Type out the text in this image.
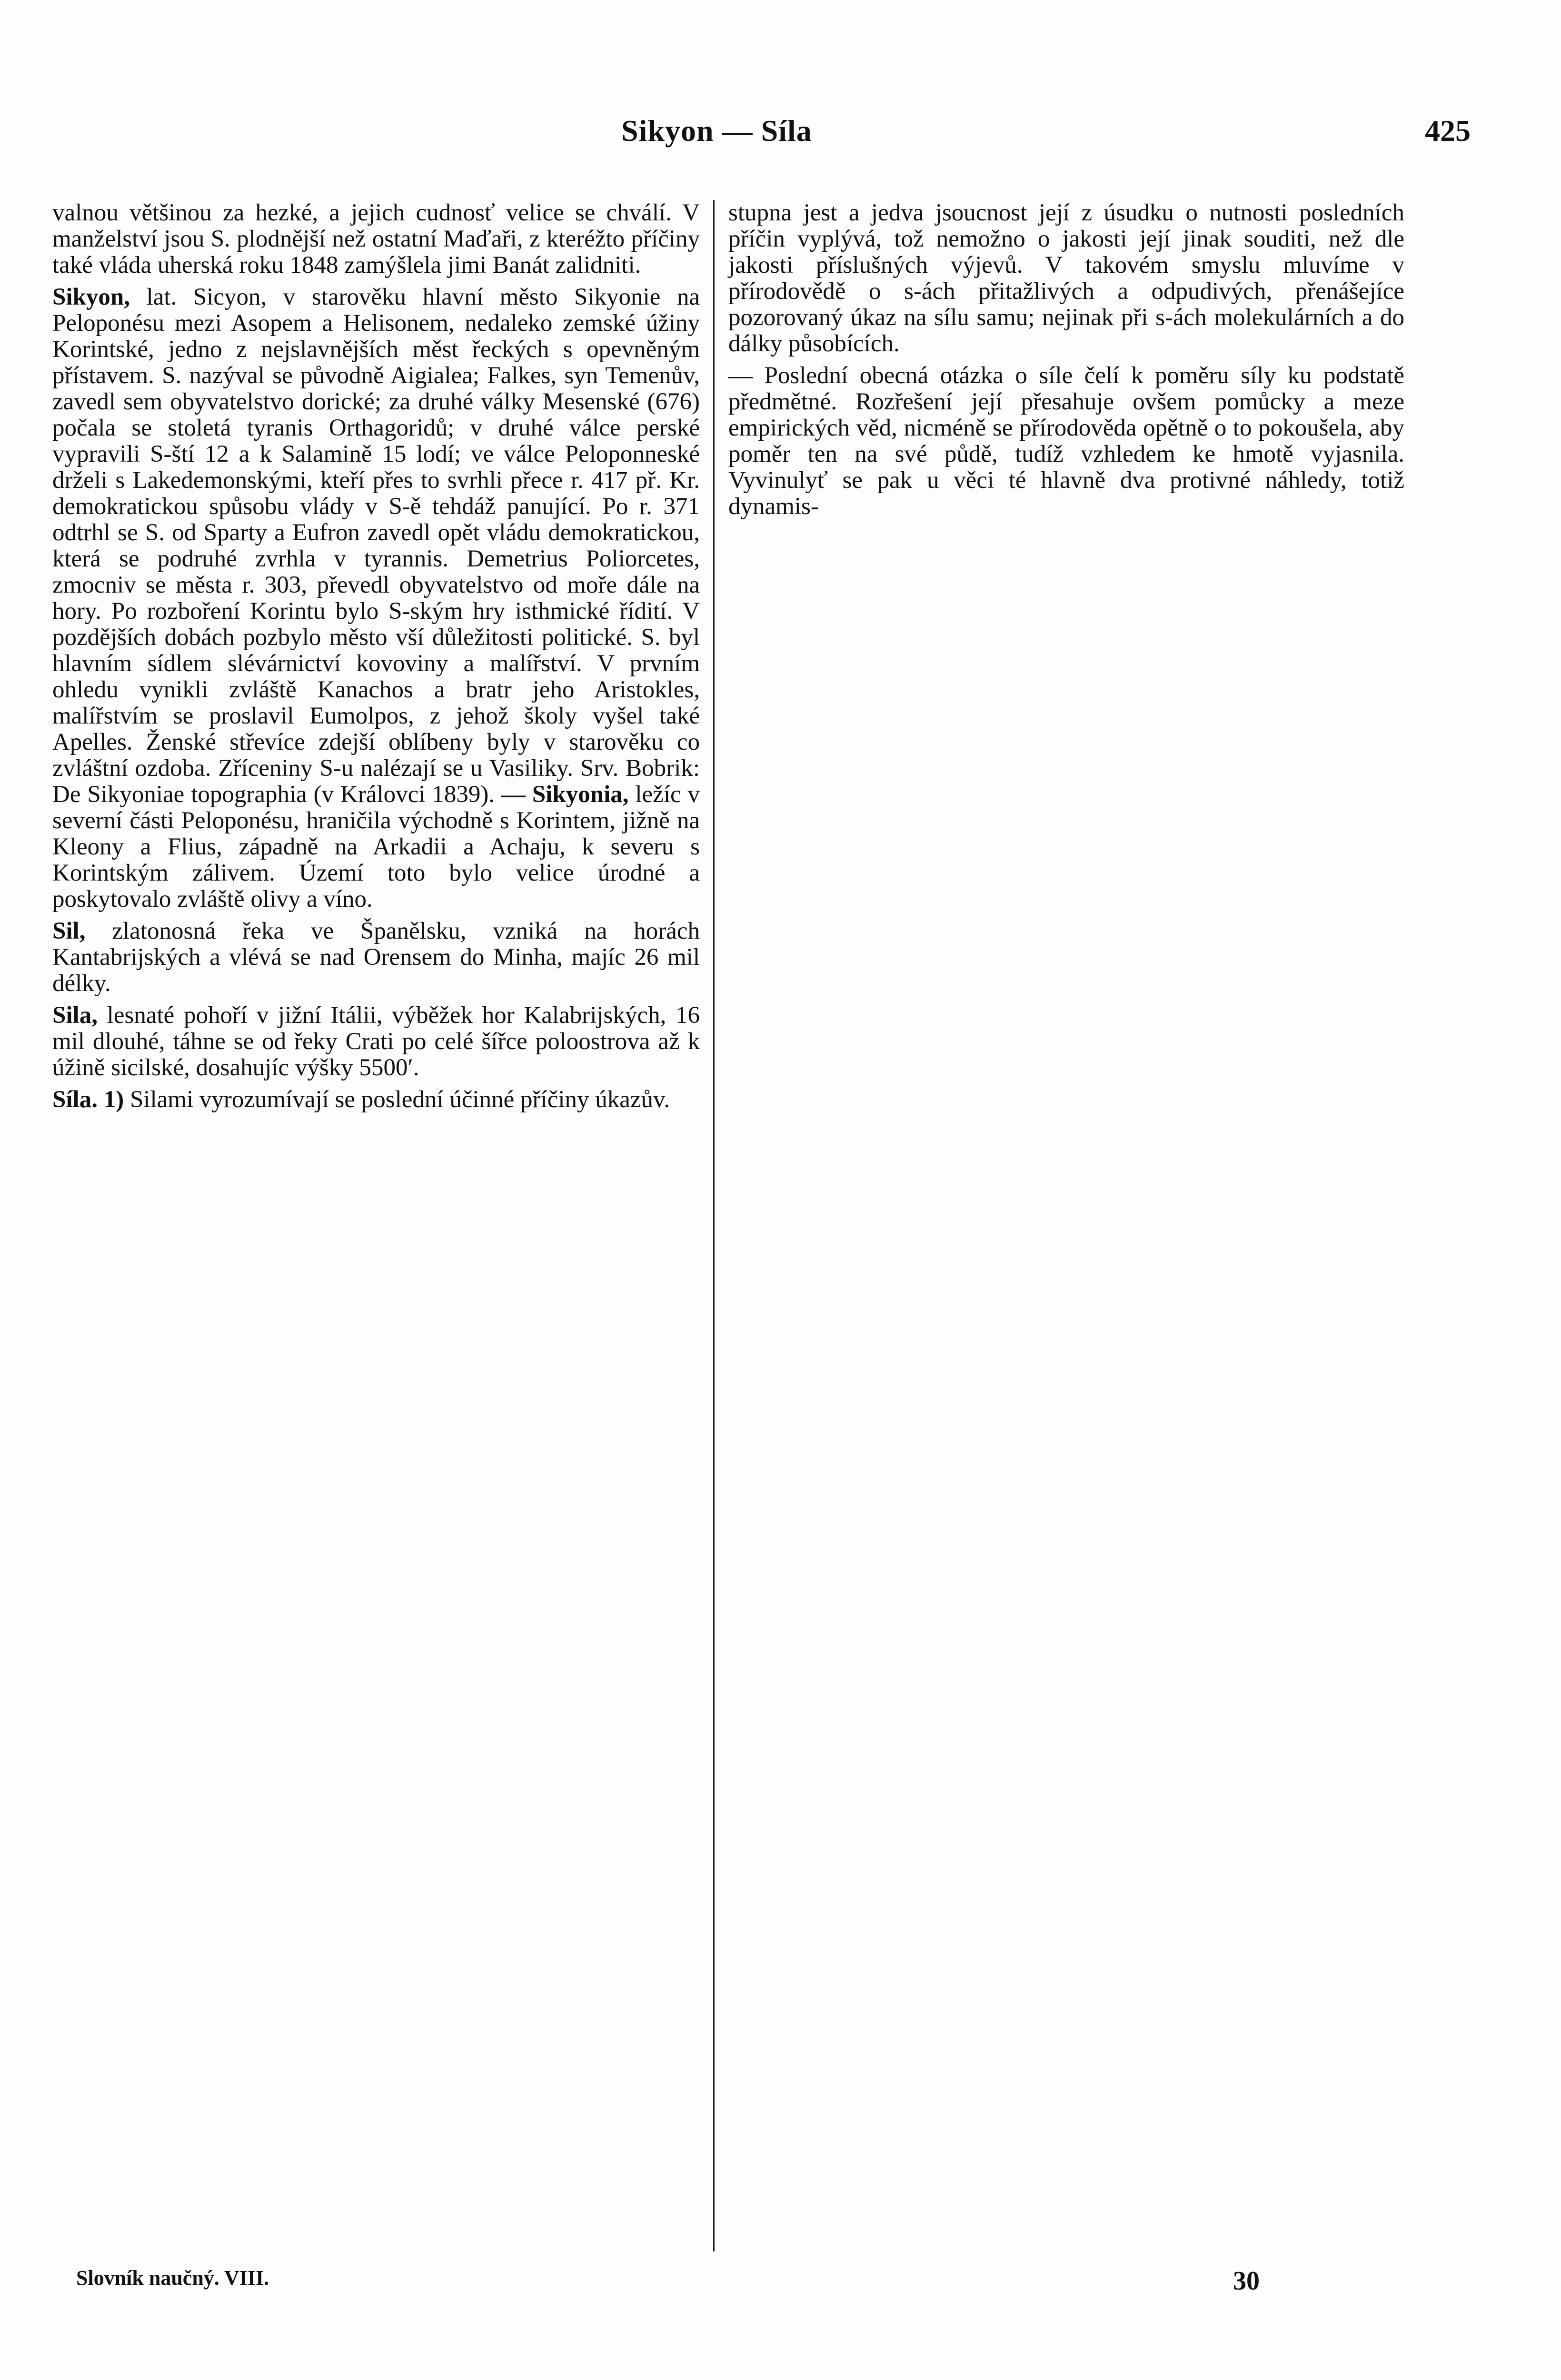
Sikyon — Síla	425

valnou většinou za hezké, a jejich cudnosť velice se chválí. V manželství jsou S. plodnější než ostatní Maďaři, z kteréžto příčiny také vláda uherská roku 1848 zamýšlela jimi Banát zalidniti.

Sikyon, lat. Sicyon, v starověku hlavní město Sikyonie na Peloponésu mezi Asopem a Helisonem, nedaleko zemské úžiny Korintské, jedno z nejslavnějších měst řeckých s opevněným přístavem. S. nazýval se původně Aigialea; Falkes, syn Temenův, zavedl sem obyvatelstvo dorické; za druhé války Mesenské (676) počala se stoletá tyranis Orthagoridů; v druhé válce perské vypravili S-ští 12 a k Salamině 15 lodí; ve válce Peloponneské drželi s Lakedemonskými, kteří přes to svrhli přece r. 417 př. Kr. demokratickou spůsobu vlády v S-ě tehdáž panující. Po r. 371 odtrhl se S. od Sparty a Eufron zavedl opět vládu demokratickou, která se podruhé zvrhla v tyrannis. Demetrius Poliorcetes, zmocniv se města r. 303, převedl obyvatelstvo od moře dále na hory. Po rozboření Korintu bylo S-ským hry isthmické řídití. V pozdějších dobách pozbylo město vší důležitosti politické. S. byl hlavním sídlem slévárnictví kovoviny a malířství. V prvním ohledu vynikli zvláště Kanachos a bratr jeho Aristokles, malířstvím se proslavil Eumolpos, z jehož školy vyšel také Apelles. Ženské střevíce zdejší oblíbeny byly v starověku co zvláštní ozdoba. Zříceniny S-u nalézají se u Vasiliky. Srv. Bobrik: De Sikyoniae topographia (v Královci 1839). — Sikyonia, ležíc v severní části Peloponésu, hraničila východně s Korintem, jižně na Kleony a Flius, západně na Arkadii a Achaju, k severu s Korintským zálivem. Území toto bylo velice úrodné a poskytovalo zvláště olivy a víno.

Sil, zlatonosná řeka ve Španělsku, vzniká na horách Kantabrijských a vlévá se nad Orensem do Minha, majíc 26 mil délky.

Sila, lesnaté pohoří v jižní Itálii, výběžek hor Kalabrijských, 16 mil dlouhé, táhne se od řeky Crati po celé šířce poloostrova až k úžině sicilské, dosahujíc výšky 5500′.

Síla. 1) Silami vyrozumívají se poslední účinné příčiny úkazův.

stupna jest a jedva jsoucnost její z úsudku o nutnosti posledních příčin vyplývá, tož nemožno o jakosti její jinak souditi, než dle jakosti příslušných výjevů. V takovém smyslu mluvíme v přírodovědě o s-ách přitažlivých a odpudivých, přenášejíce pozorovaný úkaz na sílu samu; nejinak při s-ách molekulárních a do dálky působících.

— Poslední obecná otázka o síle čelí k poměru síly ku podstatě předmětné. Rozřešení její přesahuje ovšem pomůcky a meze empirických věd, nicméně se přírodověda opětně o to pokoušela, aby poměr ten na své půdě, tudíž vzhledem ke hmotě vyjasnila. Vyvinulyť se pak u věci té hlavně dva protivné náhledy, totiž dynamis-

Slovník naučný. VIII.	30
